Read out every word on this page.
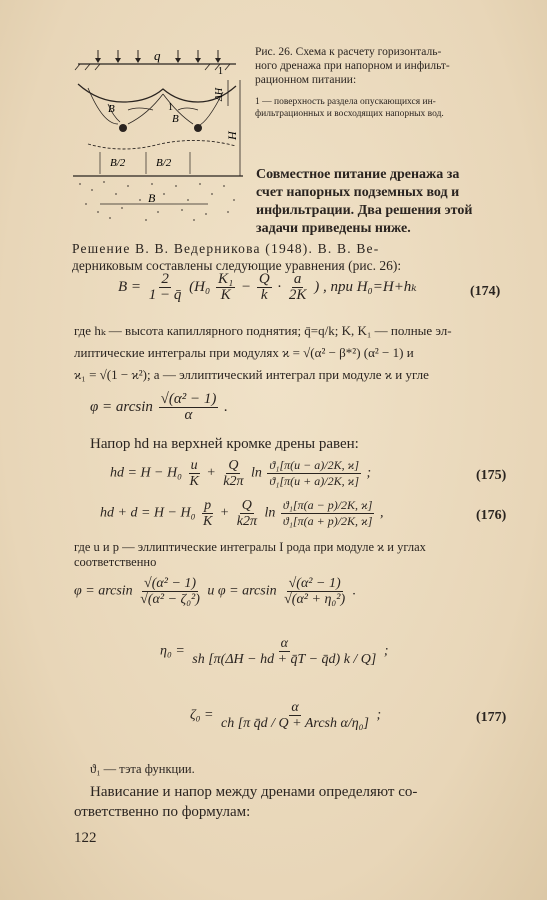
q
ΔH
H
B	1
B
1
B/2	B/2
B
Рис. 26. Схема к расчету горизонталь-
ного дренажа при напорном и инфильт-
рационном питании:
1 — поверхность раздела опускающихся ин-
фильтрационных и восходящих напорных вод.
Совместное питание дренажа за
счет напорных подземных вод и
инфильтрации. Два решения этой
задачи приведены ниже.
Решение В. В. Ведерникова (1948). В. В. Ве-
дерниковым составлены следующие уравнения (рис. 26):
$B = \frac{2}{1 - q̄} (H_0 \frac{\text{K₁}}{K} - \frac{Q}{k} \cdot \frac{a}{2K}$ ) , при H₀=H+hₖ	(174)
где hₖ — высота капиллярного поднятия; q̄=q/k; K, K₁ — полные эл-
липтические интегралы при модулях ϰ = √(α² − β*²) (α² − 1) и
ϰ₁ = √(1 − ϰ²); a — эллиптический интеграл при модуле ϰ и угле
$\varphi = \arcsin \frac{\text{√(α² − 1)}}{\alpha}$ .
Напор hd на верхней кромке дрены равен:
hd = $H - H_0 \frac{u}{K} + \frac{Q}{k2\pi}$ $\ln \frac{\text{ϑ₁[π(u − a)/2K, ϰ]}}{\text{ϑ₁[π(u + a)/2K, ϰ]}}$ ;	(175)
hd + $d = H - H_0 \frac{p}{K} + \frac{Q}{k2\pi}$ $\ln \frac{\text{ϑ₁[π(a − p)/2K, ϰ]}}{\text{ϑ₁[π(a + p)/2K, ϰ]}}$ ,	(176)
где u и p — эллиптические интегралы I рода при модуле ϰ и углах
соответственно
$\varphi = \arcsin \frac{\text{√(α² − 1)}}{\text{√(α² − ζ₀²)}}$ и $\varphi = \arcsin \frac{\text{√(α² − 1)}}{\text{√(α² + η₀²)}}$ .
$\eta_0 = \frac{\alpha}{sh [\pi(\Delta H - hd + q̄T - q̄d) k / Q]}$ ;
$\zeta_0 = \frac{\alpha}{\text{ch [π q̄d / Q + Arcsh α/η₀]}}$ ;	(177)
ϑ₁ — тэта функции.
Нависание и напор между дренами определяют со-
ответственно по формулам:
122
